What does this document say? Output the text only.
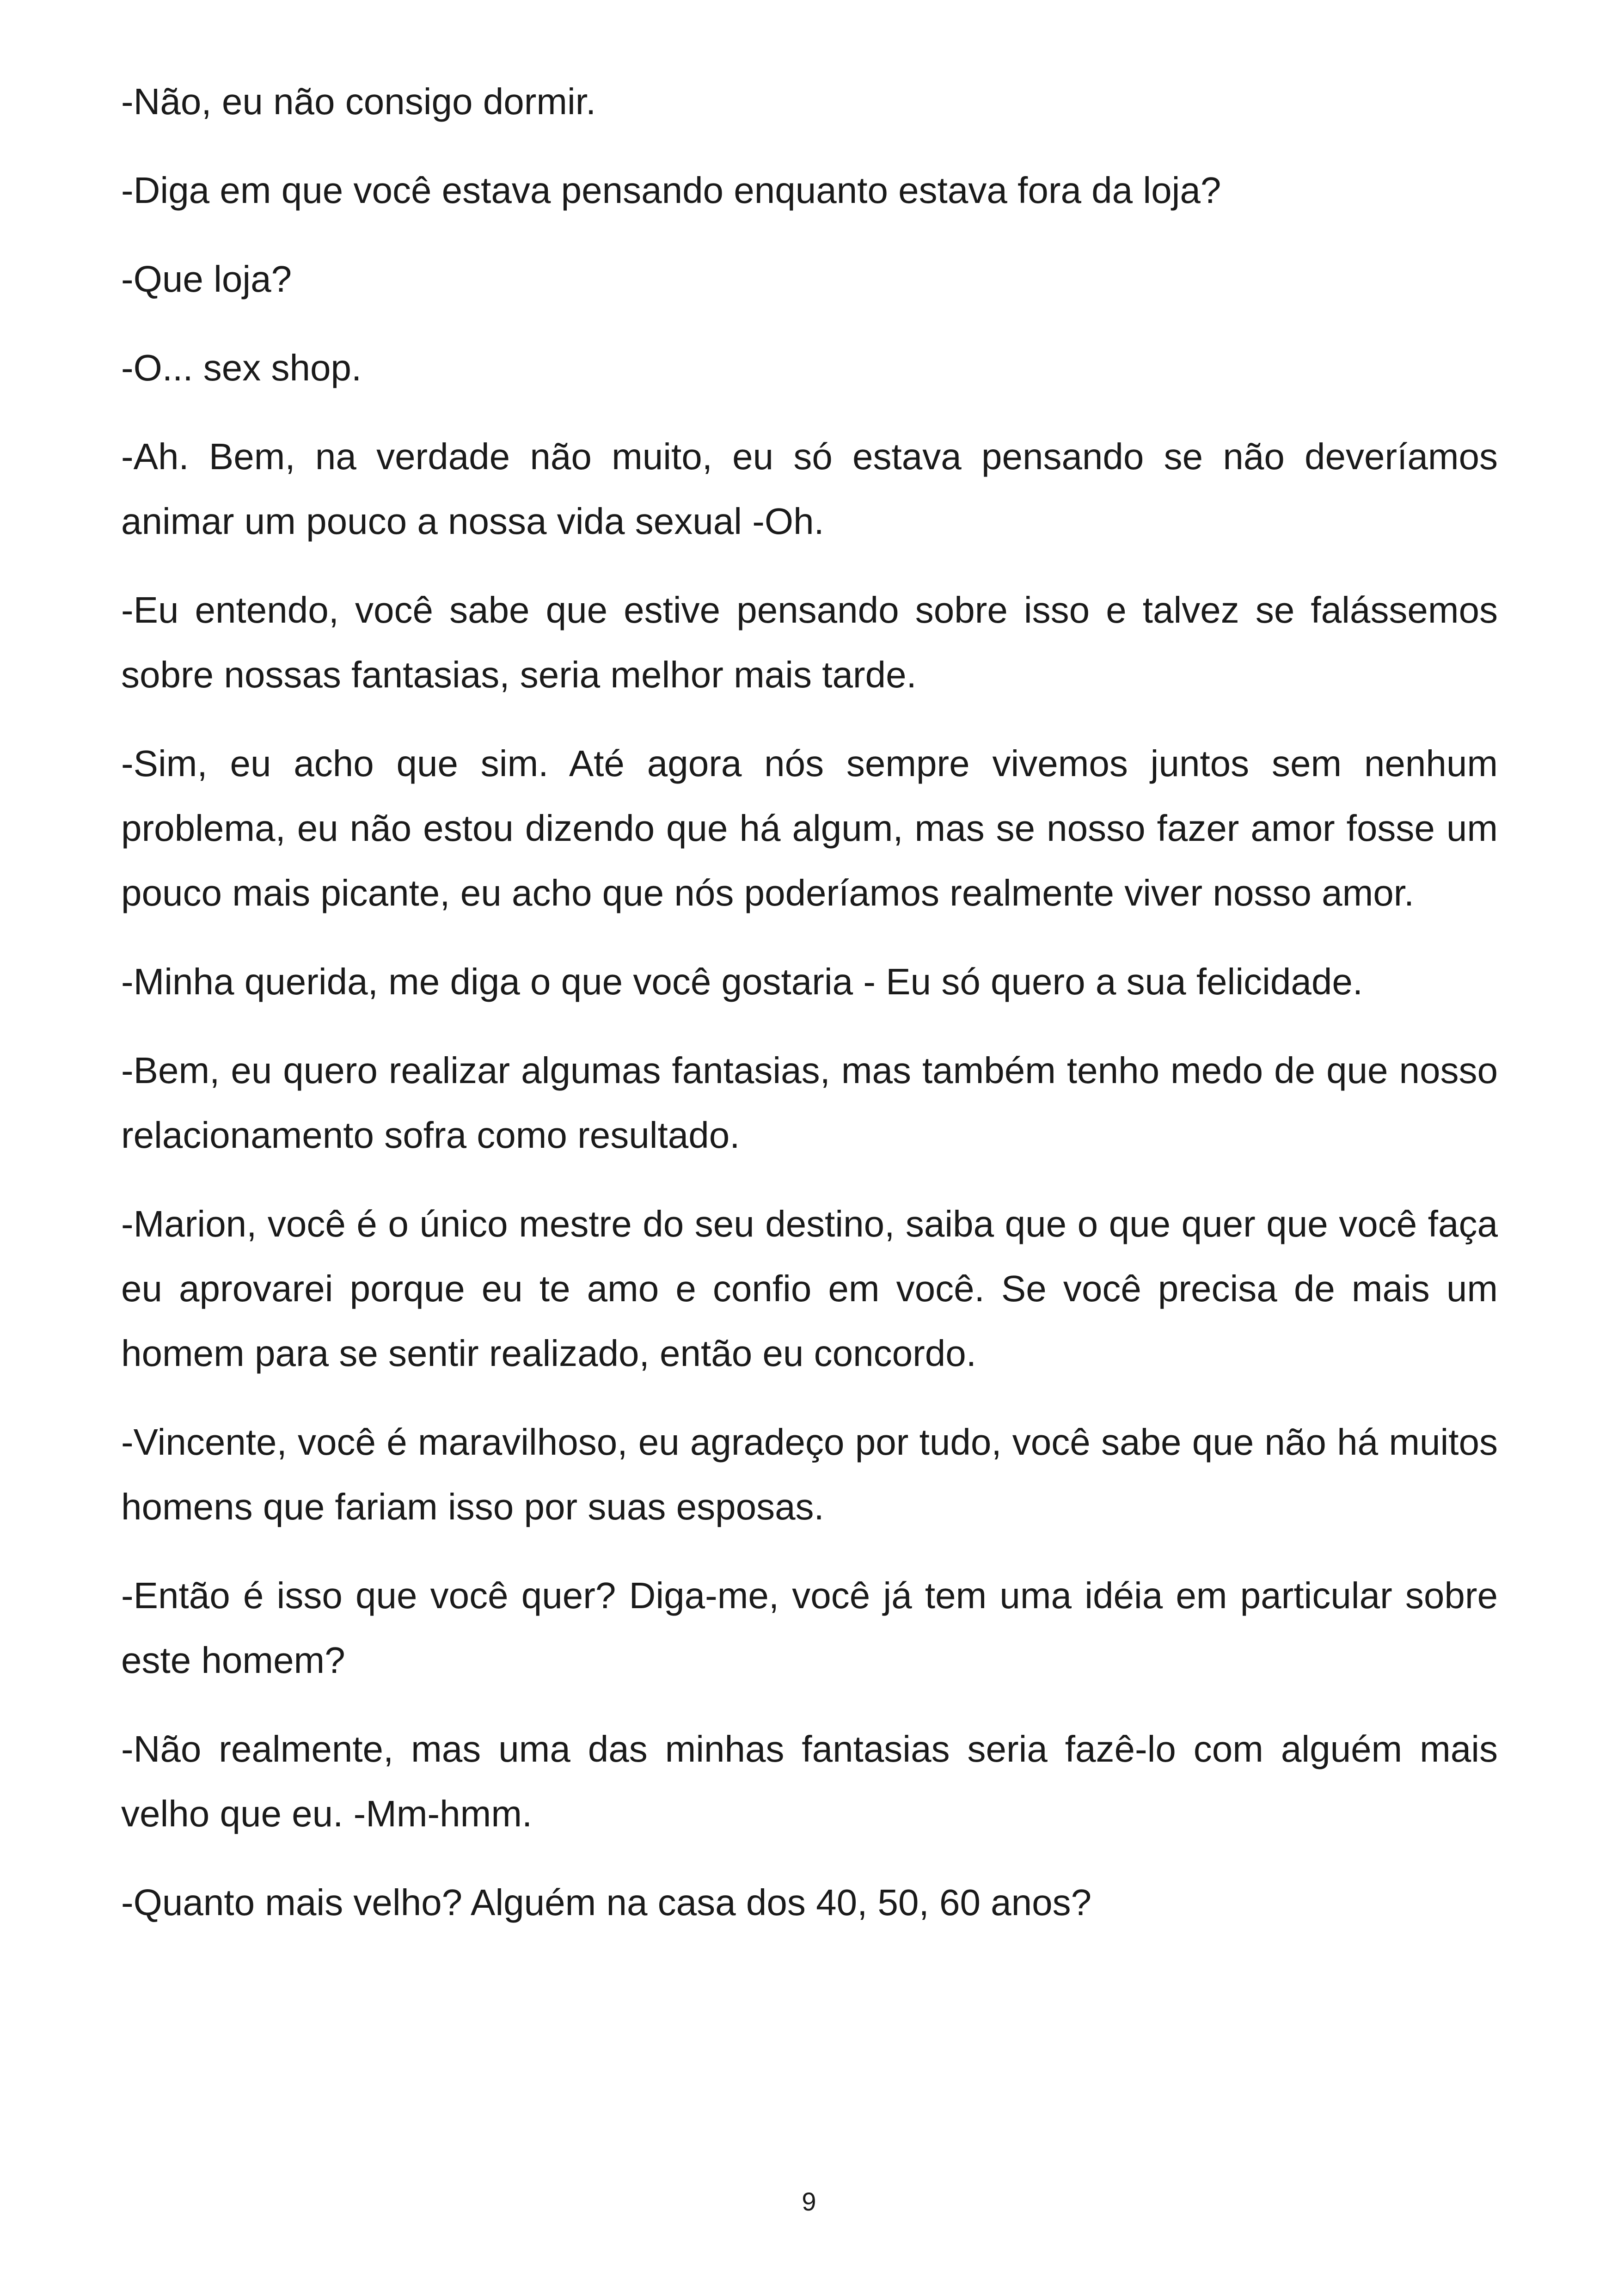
-Não, eu não consigo dormir.

-Diga em que você estava pensando enquanto estava fora da loja?

-Que loja?

-O... sex shop.

-Ah. Bem, na verdade não muito, eu só estava pensando se não deveríamos animar um pouco a nossa vida sexual -Oh.

-Eu entendo, você sabe que estive pensando sobre isso e talvez se falássemos sobre nossas fantasias, seria melhor mais tarde.

-Sim, eu acho que sim. Até agora nós sempre vivemos juntos sem nenhum problema, eu não estou dizendo que há algum, mas se nosso fazer amor fosse um pouco mais picante, eu acho que nós poderíamos realmente viver nosso amor.

-Minha querida, me diga o que você gostaria - Eu só quero a sua felicidade.

-Bem, eu quero realizar algumas fantasias, mas também tenho medo de que nosso relacionamento sofra como resultado.

-Marion, você é o único mestre do seu destino, saiba que o que quer que você faça eu aprovarei porque eu te amo e confio em você. Se você precisa de mais um homem para se sentir realizado, então eu concordo.

-Vincente, você é maravilhoso, eu agradeço por tudo, você sabe que não há muitos homens que fariam isso por suas esposas.

-Então é isso que você quer? Diga-me, você já tem uma idéia em particular sobre este homem?

-Não realmente, mas uma das minhas fantasias seria fazê-lo com alguém mais velho que eu. -Mm-hmm.

-Quanto mais velho? Alguém na casa dos 40, 50, 60 anos?

9
